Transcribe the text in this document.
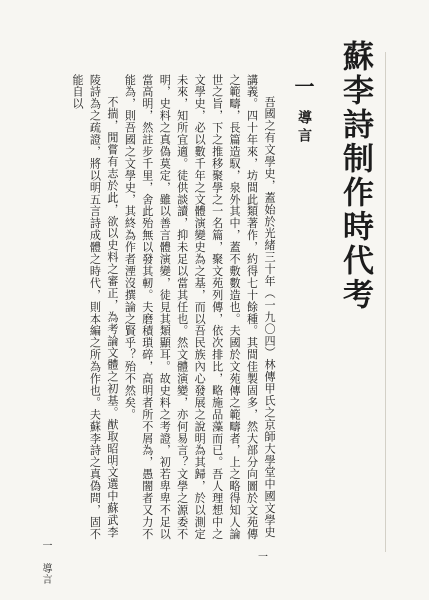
蘇李詩制作時代考
一
導言

吾國之有文學史，蓋始於光緒三十年（一九〇四）林傳甲氏之京師大學堂中國文學史講義。四十年來，坊間此類著作，約得七十餘種。其間佳製固多，然大部分向圖於文苑傳之範疇，長篇造馭，泉外其中，蓋不敷數造也。夫國於文苑傳之範疇者，上之略得知人論世之旨，下之推移聚學之一名篇，聚文苑列傳，依次排比，略施品藻而已。吾人理想中之文學史，必以數千年之文體演變史為之基，而以吾民族內心發展之說明為其歸，於以測定未來，知所宜適。徒供談讀，抑未足以當其任也。然文體演變，亦何易言？文學之源委不明，史料之真偽莫定，雖以善言體演變，徒見其類顯耳。故史料之考證，初若卑卑不足以當高明，然註步千里，舍此殆無以發其軔。夫磨積瑣碎，高明者所不屑為，愚闇者又力不能為，則吾國之文學史，其終為作者湮沒撰論之賢乎？殆不然矣。

不揣，閒嘗有志於此，欲以史料之審正，為考論文體之初基。猷取昭明文選中蘇武李陵詩為之疏證，將以明五言詩成體之時代，則本編之所為作也。夫蘇李詩之真偽問，固不能自以

一 導言	一
